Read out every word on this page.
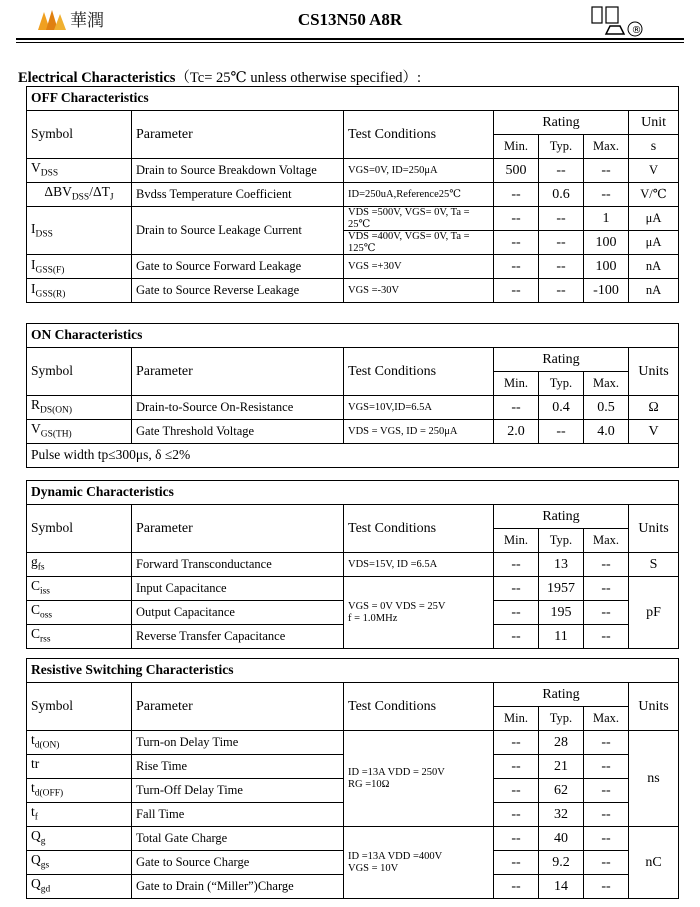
華潤	CS13N50 A8R
®
Electrical Characteristics（Tc= 25℃ unless otherwise specified）:
OFF Characteristics						
Symbol	Parameter	Test Conditions	Rating			Unit
			Min.	Typ.	Max.	s
$V_{DSS}$	Drain to Source Breakdown Voltage	VGS=0V, ID=250μA	500	--	--	V
$\Delta BV_{DSS}/\Delta T_J$	Bvdss Temperature Coefficient	ID=250uA,Reference25℃	--	0.6	--	V/℃
$I_{DSS}$	Drain to Source Leakage Current	VDS =500V, VGS= 0V, Ta = 25℃	--	--	1	μA
		VDS =400V, VGS= 0V, Ta = 125℃	--	--	100	μA
$I_{GSS(F)}$	Gate to Source Forward Leakage	VGS =+30V	--	--	100	nA
$I_{GSS(R)}$	Gate to Source Reverse Leakage	VGS =-30V	--	--	-100	nA
ON Characteristics						
Symbol	Parameter	Test Conditions	Rating			Units
			Min.	Typ.	Max.	
$R_{DS(ON)}$	Drain-to-Source On-Resistance	VGS=10V,ID=6.5A	--	0.4	0.5	Ω
$V_{GS(TH)}$	Gate Threshold Voltage	VDS = VGS, ID = 250μA	2.0	--	4.0	V
Pulse width tp≤300μs, δ ≤2%						
Dynamic Characteristics						
Symbol	Parameter	Test Conditions	Rating			Units
			Min.	Typ.	Max.	
$g_{fs}$	Forward Transconductance	VDS=15V, ID =6.5A	--	13	--	S
$C_{iss}$	Input Capacitance	VGS = 0V VDS = 25V
f = 1.0MHz	--	1957	--	pF
$C_{oss}$	Output Capacitance		--	195	--	
$C_{rss}$	Reverse Transfer Capacitance		--	11	--	
Resistive Switching Characteristics						
Symbol	Parameter	Test Conditions	Rating			Units
			Min.	Typ.	Max.	
$t_{d(ON)}$	Turn-on Delay Time	ID =13A VDD = 250V
RG =10Ω	--	28	--	ns
tr	Rise Time		--	21	--	
$t_{d(OFF)}$	Turn-Off Delay Time		--	62	--	
$t_f$	Fall Time		--	32	--	
$Q_g$	Total Gate Charge	ID =13A VDD =400V
VGS = 10V	--	40	--	nC
$Q_{gs}$	Gate to Source Charge		--	9.2	--	
$Q_{gd}$	Gate to Drain (“Miller”)Charge		--	14	--	
